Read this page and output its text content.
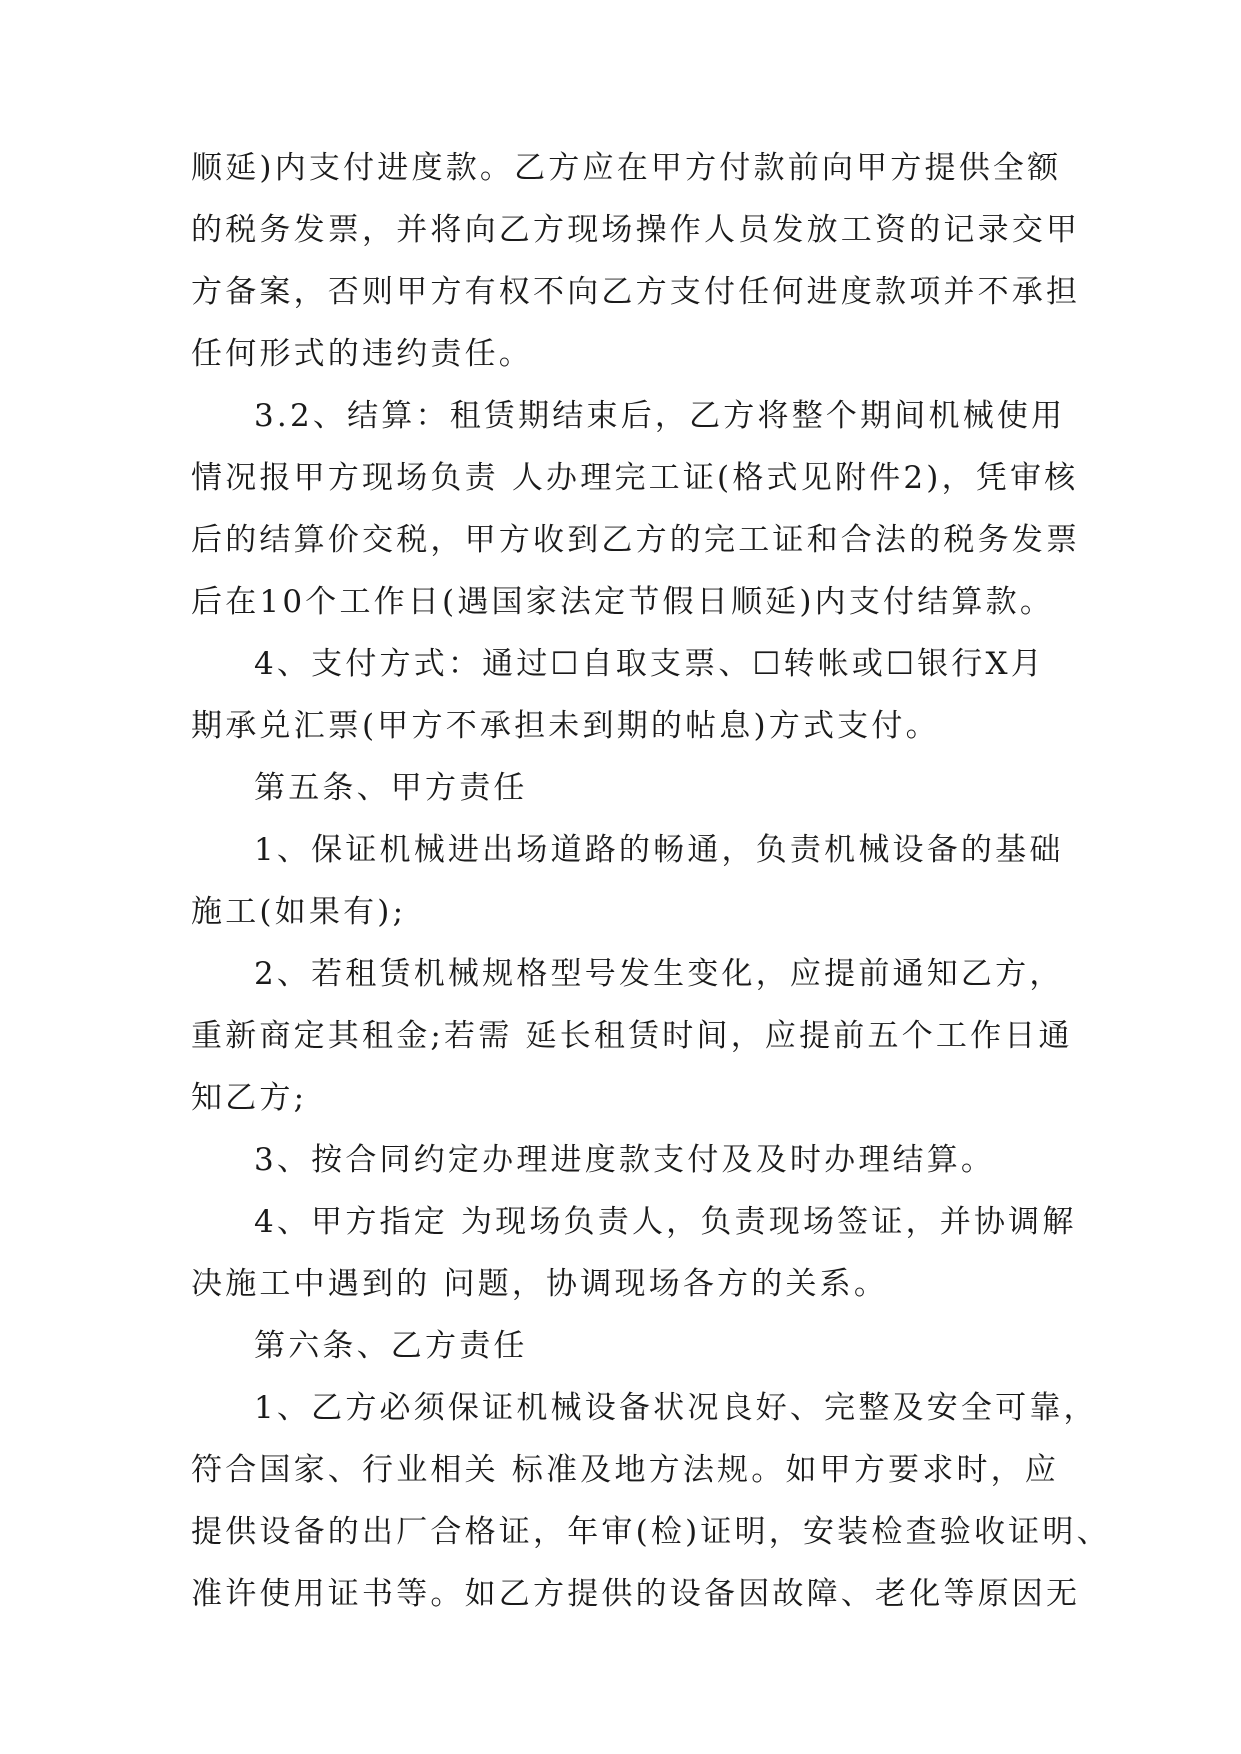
顺延)内支付进度款。乙方应在甲方付款前向甲方提供全额
的税务发票，并将向乙方现场操作人员发放工资的记录交甲
方备案，否则甲方有权不向乙方支付任何进度款项并不承担
任何形式的违约责任。
3.2、结算：租赁期结束后，乙方将整个期间机械使用
情况报甲方现场负责 人办理完工证(格式见附件2)，凭审核
后的结算价交税，甲方收到乙方的完工证和合法的税务发票
后在10个工作日(遇国家法定节假日顺延)内支付结算款。
4、支付方式：通过☐自取支票、☐转帐或☐银行X月
期承兑汇票(甲方不承担未到期的帖息)方式支付。
第五条、甲方责任
1、保证机械进出场道路的畅通，负责机械设备的基础
施工(如果有);
2、若租赁机械规格型号发生变化，应提前通知乙方，
重新商定其租金;若需 延长租赁时间，应提前五个工作日通
知乙方;
3、按合同约定办理进度款支付及及时办理结算。
4、甲方指定 为现场负责人，负责现场签证，并协调解
决施工中遇到的 问题，协调现场各方的关系。
第六条、乙方责任
1、乙方必须保证机械设备状况良好、完整及安全可靠，
符合国家、行业相关 标准及地方法规。如甲方要求时，应
提供设备的出厂合格证，年审(检)证明，安装检查验收证明、
准许使用证书等。如乙方提供的设备因故障、老化等原因无
